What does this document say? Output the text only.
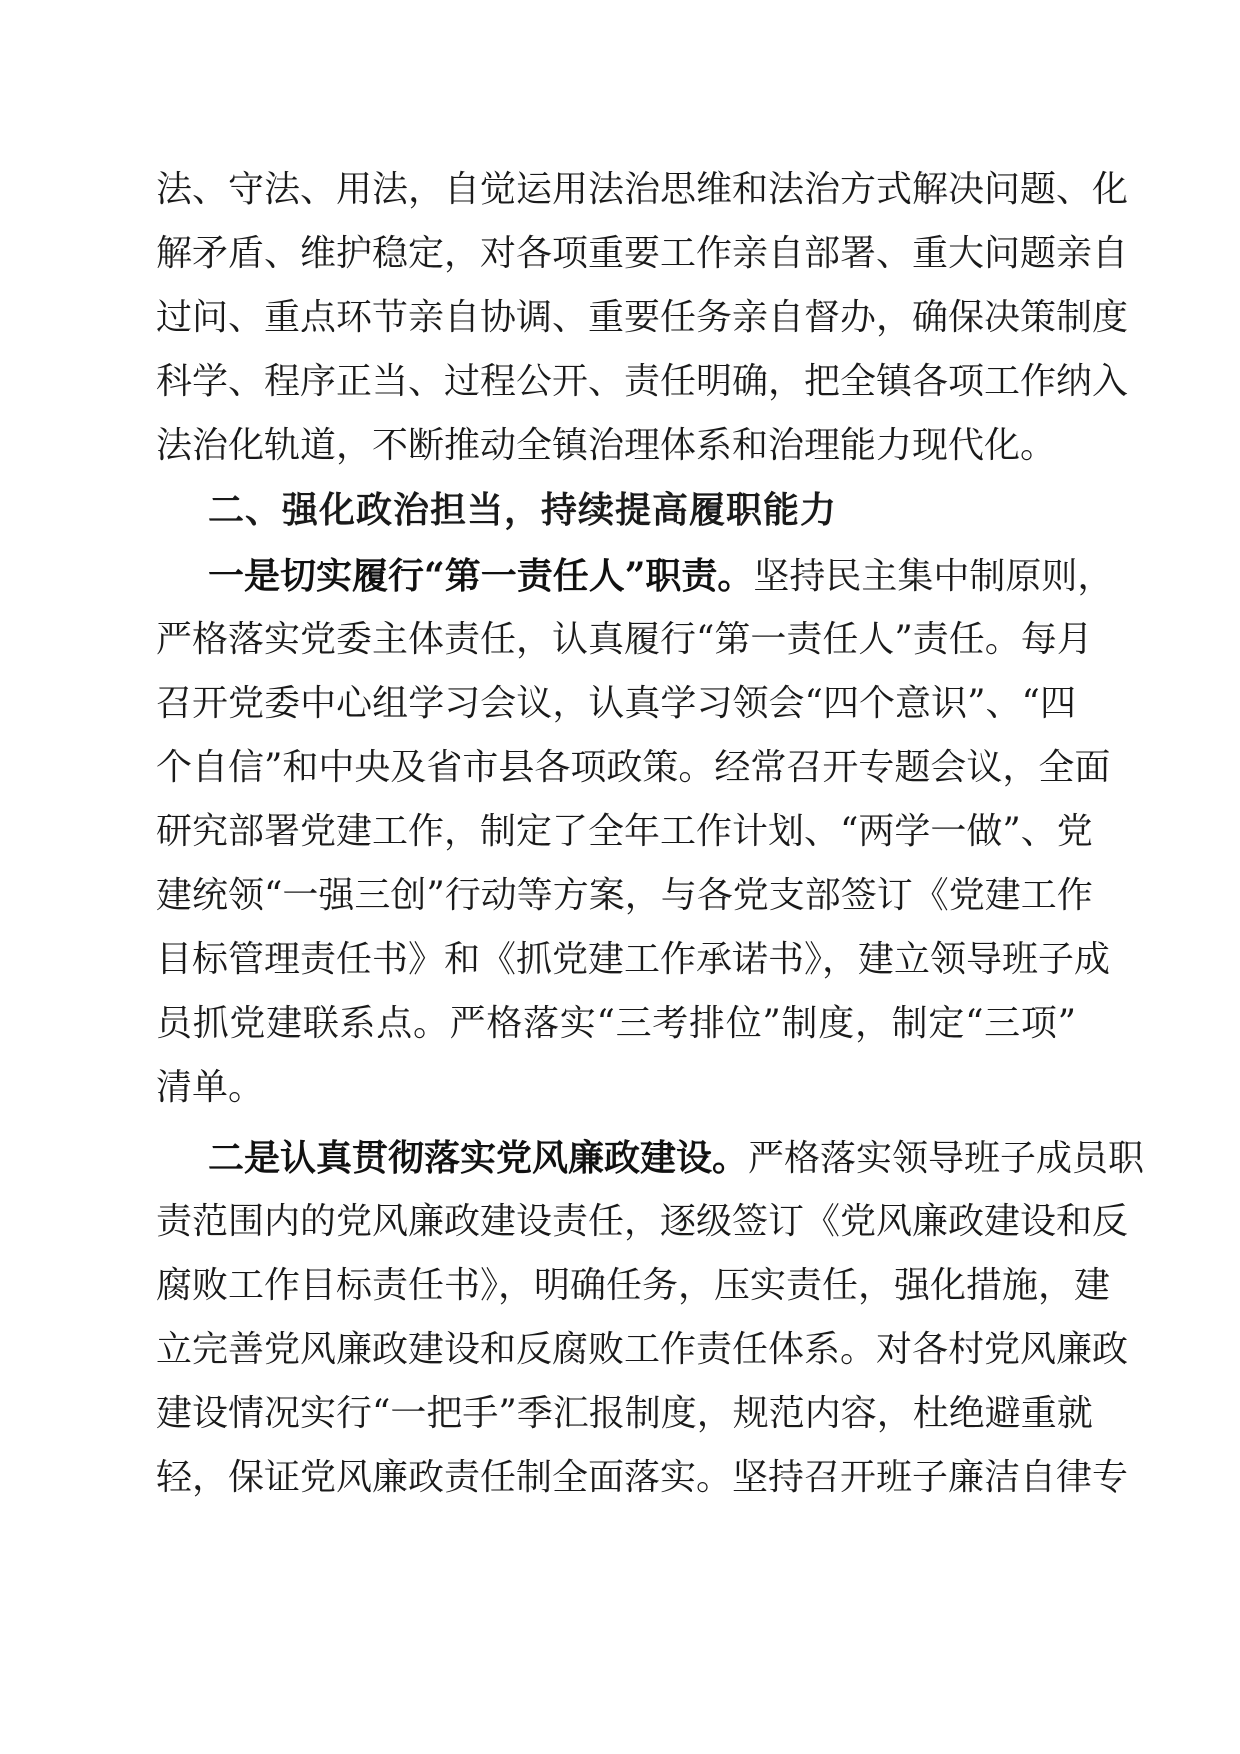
法、守法、用法，自觉运用法治思维和法治方式解决问题、化
解矛盾、维护稳定，对各项重要工作亲自部署、重大问题亲自
过问、重点环节亲自协调、重要任务亲自督办，确保决策制度
科学、程序正当、过程公开、责任明确，把全镇各项工作纳入
法治化轨道，不断推动全镇治理体系和治理能力现代化。
二、强化政治担当，持续提高履职能力
一是切实履行“第一责任人”职责。坚持民主集中制原则，
严格落实党委主体责任，认真履行“第一责任人”责任。每月
召开党委中心组学习会议，认真学习领会“四个意识”、“四
个自信”和中央及省市县各项政策。经常召开专题会议，全面
研究部署党建工作，制定了全年工作计划、“两学一做”、党
建统领“一强三创”行动等方案，与各党支部签订《党建工作
目标管理责任书》和《抓党建工作承诺书》，建立领导班子成
员抓党建联系点。严格落实“三考排位”制度，制定“三项”
清单。
二是认真贯彻落实党风廉政建设。严格落实领导班子成员职
责范围内的党风廉政建设责任，逐级签订《党风廉政建设和反
腐败工作目标责任书》，明确任务，压实责任，强化措施，建
立完善党风廉政建设和反腐败工作责任体系。对各村党风廉政
建设情况实行“一把手”季汇报制度，规范内容，杜绝避重就
轻，保证党风廉政责任制全面落实。坚持召开班子廉洁自律专
